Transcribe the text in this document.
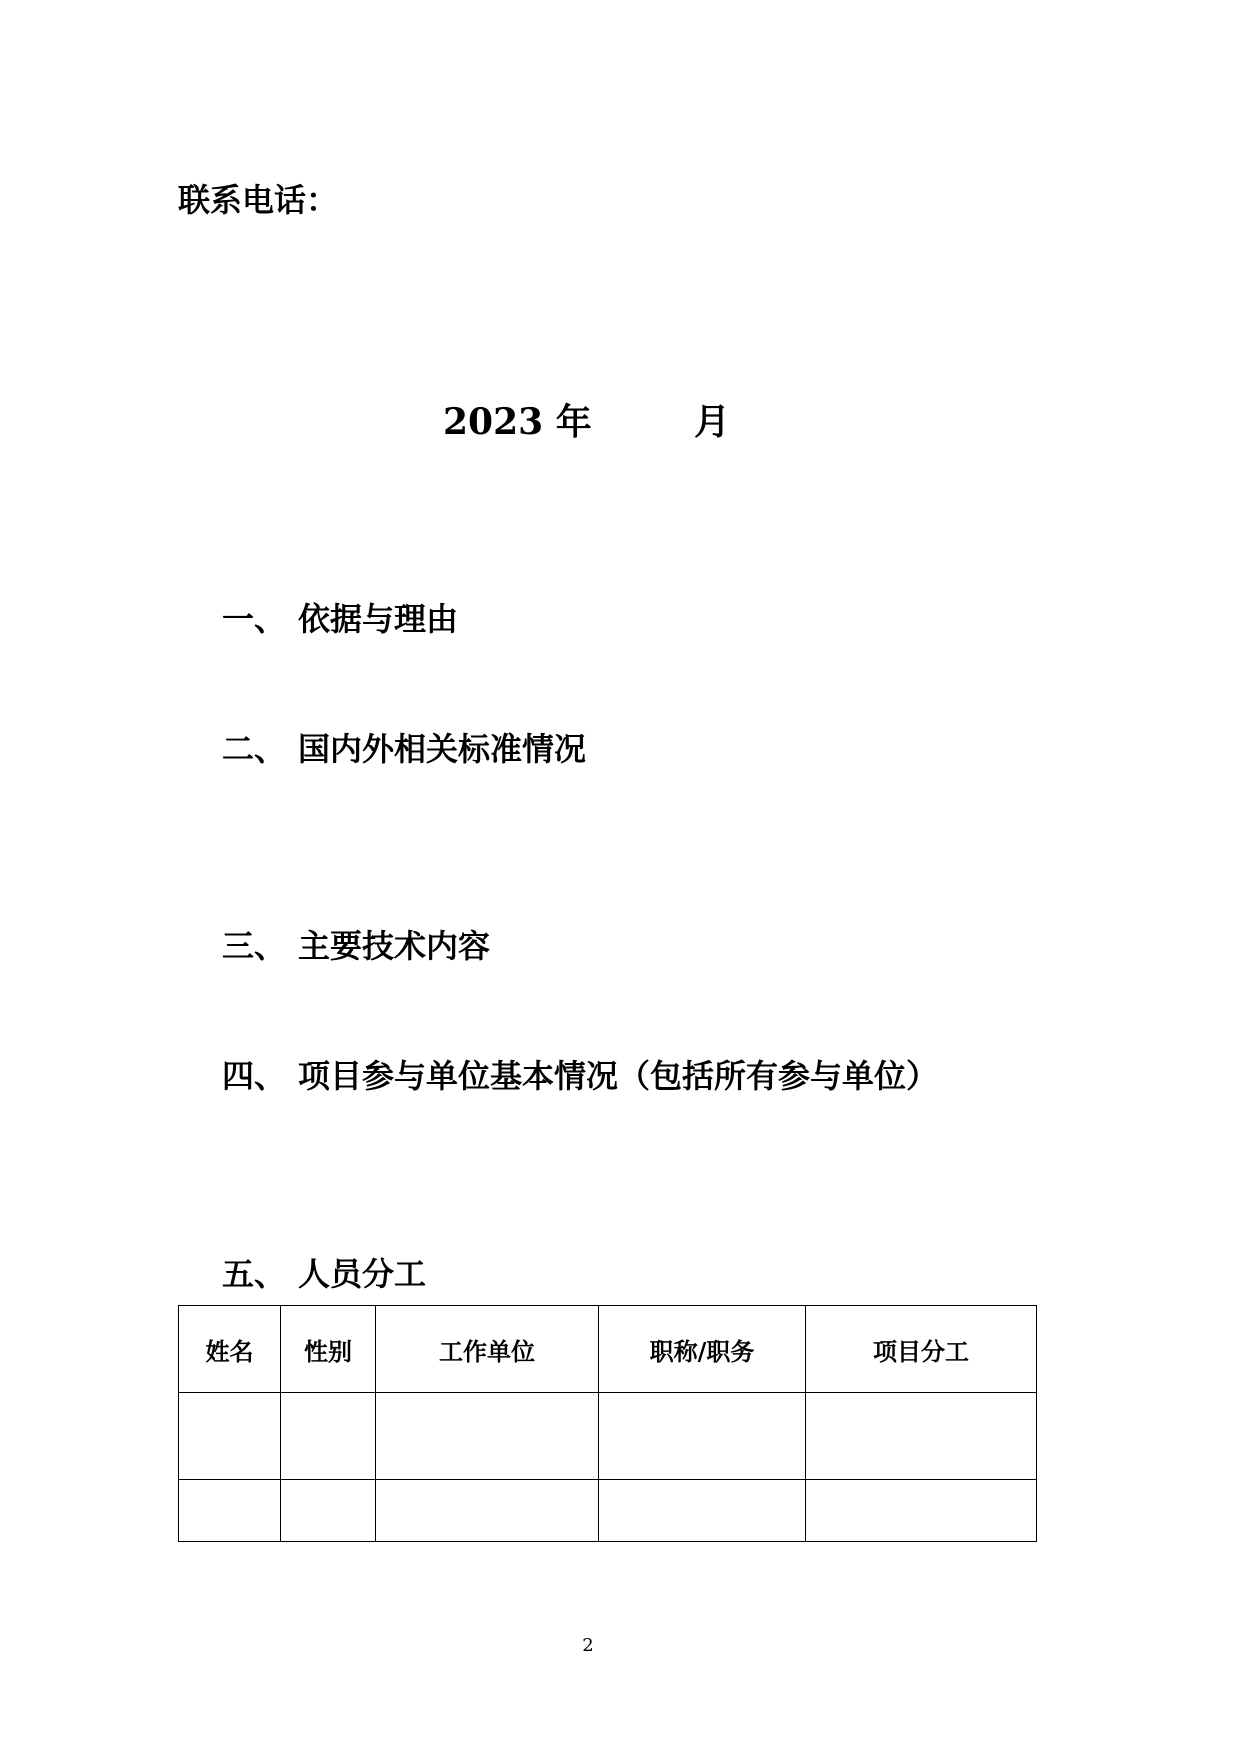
联系电话：
2023 年	月
一、 依据与理由
二、 国内外相关标准情况
三、 主要技术内容
四、 项目参与单位基本情况（包括所有参与单位）
五、 人员分工
姓名	性别	工作单位	职称/职务	项目分工

2
